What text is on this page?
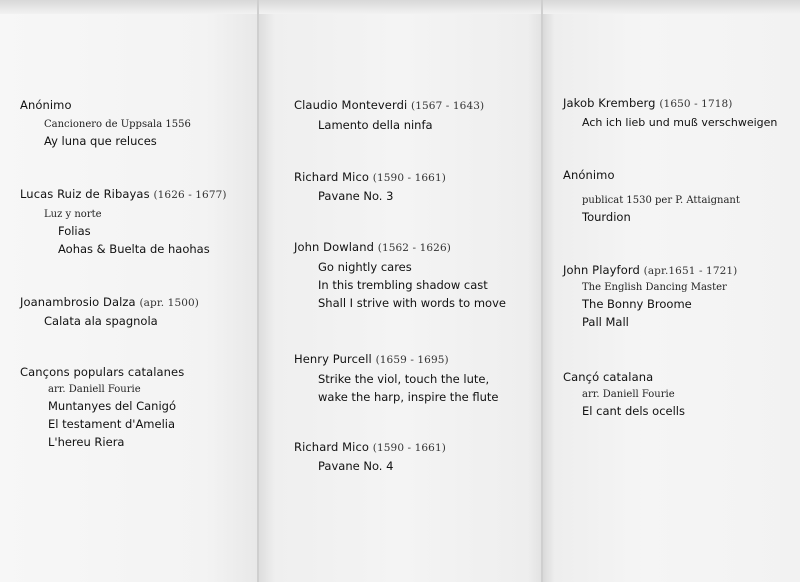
Anónimo
Cancionero de Uppsala 1556
Ay luna que reluces
Lucas Ruiz de Ribayas (1626 - 1677)
Luz y norte
Folias
Aohas & Buelta de haohas
Joanambrosio Dalza (apr. 1500)
Calata ala spagnola
Cançons populars catalanes
arr. Daniell Fourie
Muntanyes del Canigó
El testament d'Amelia
L'hereu Riera
Claudio Monteverdi (1567 - 1643)
Lamento della ninfa
Richard Mico (1590 - 1661)
Pavane No. 3
John Dowland (1562 - 1626)
Go nightly cares
In this trembling shadow cast
Shall I strive with words to move
Henry Purcell (1659 - 1695)
Strike the viol, touch the lute,
wake the harp, inspire the flute
Richard Mico (1590 - 1661)
Pavane No. 4
Jakob Kremberg (1650 - 1718)
Ach ich lieb und muß verschweigen
Anónimo
publicat 1530 per P. Attaignant
Tourdion
John Playford (apr.1651 - 1721)
The English Dancing Master
The Bonny Broome
Pall Mall
Cançó catalana
arr. Daniell Fourie
El cant dels ocells
